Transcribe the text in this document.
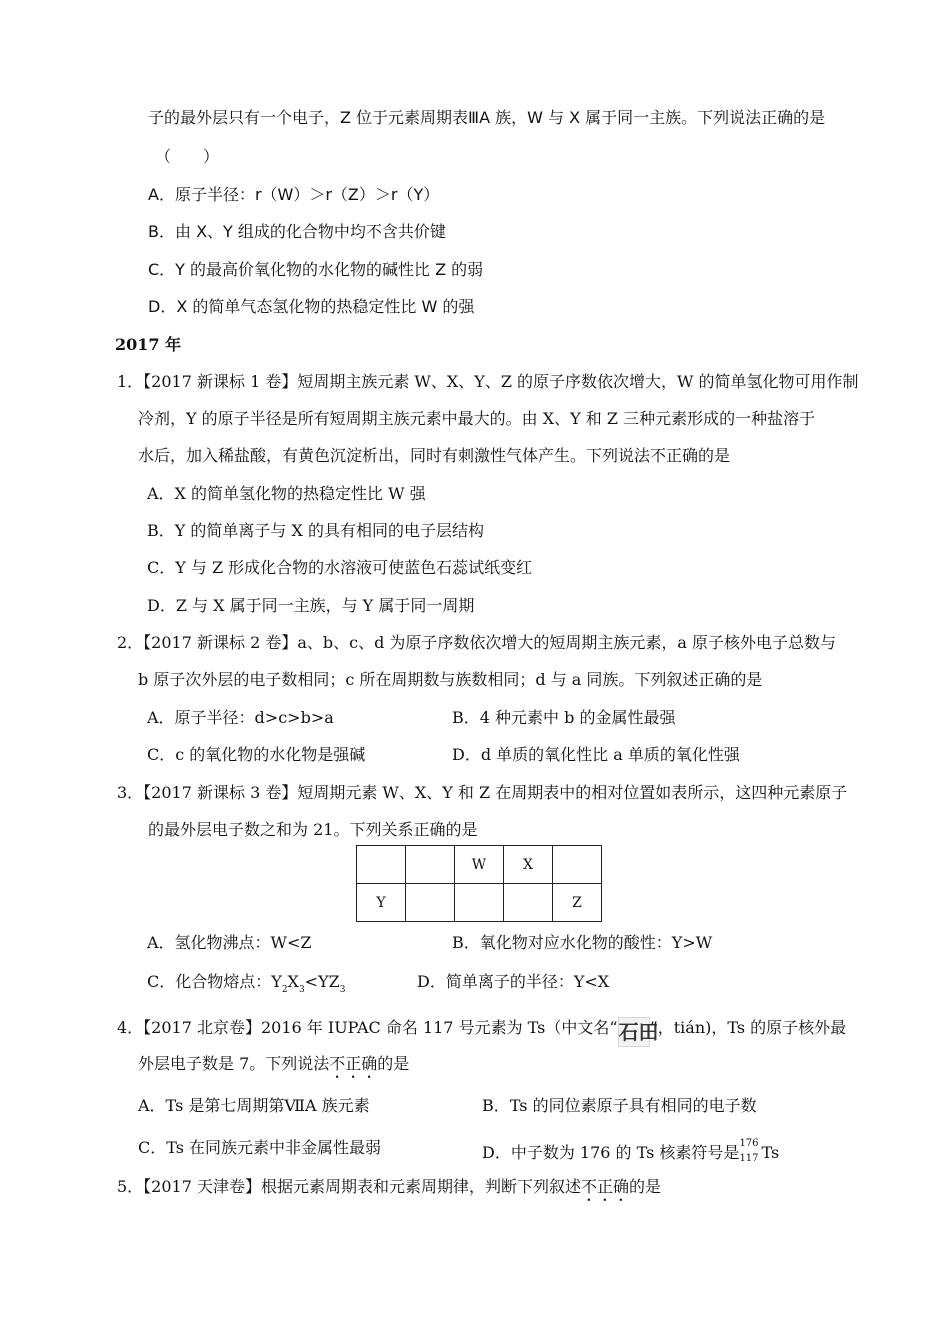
子的最外层只有一个电子，Z 位于元素周期表ⅢA 族，W 与 X 属于同一主族。下列说法正确的是
（　　）
A．原子半径：r（W）＞r（Z）＞r（Y）
B．由 X、Y 组成的化合物中均不含共价键
C．Y 的最高价氧化物的水化物的碱性比 Z 的弱
D．X 的简单气态氢化物的热稳定性比 W 的强
2017 年
1．【2017 新课标 1 卷】短周期主族元素 W、X、Y、Z 的原子序数依次增大，W 的简单氢化物可用作制
冷剂，Y 的原子半径是所有短周期主族元素中最大的。由 X、Y 和 Z 三种元素形成的一种盐溶于
水后，加入稀盐酸，有黄色沉淀析出，同时有刺激性气体产生。下列说法不正确的是
A．X 的简单氢化物的热稳定性比 W 强
B．Y 的简单离子与 X 的具有相同的电子层结构
C．Y 与 Z 形成化合物的水溶液可使蓝色石蕊试纸变红
D．Z 与 X 属于同一主族，与 Y 属于同一周期
2．【2017 新课标 2 卷】a、b、c、d 为原子序数依次增大的短周期主族元素，a 原子核外电子总数与
b 原子次外层的电子数相同；c 所在周期数与族数相同；d 与 a 同族。下列叙述正确的是
A．原子半径：d>c>b>a	B．4 种元素中 b 的金属性最强
C．c 的氧化物的水化物是强碱	D．d 单质的氧化性比 a 单质的氧化性强
3．【2017 新课标 3 卷】短周期元素 W、X、Y 和 Z 在周期表中的相对位置如表所示，这四种元素原子
的最外层电子数之和为 21。下列关系正确的是
		W	X	
Y				Z
A．氢化物沸点：W<Z	B．氧化物对应水化物的酸性：Y>W
C．化合物熔点：$Y_2X_3<YZ_3$	D．简单离子的半径：Y<X
4．【2017 北京卷】2016 年 IUPAC 命名 117 号元素为 Ts（中文名“石田”，tián)，Ts 的原子核外最
外层电子数是 7。下列说法不正确的是
A．Ts 是第七周期第ⅦA 族元素	B．Ts 的同位素原子具有相同的电子数
C．Ts 在同族元素中非金属性最弱	D．中子数为 176 的 Ts 核素符号是 176
117 Ts
5．【2017 天津卷】根据元素周期表和元素周期律，判断下列叙述不正确的是
